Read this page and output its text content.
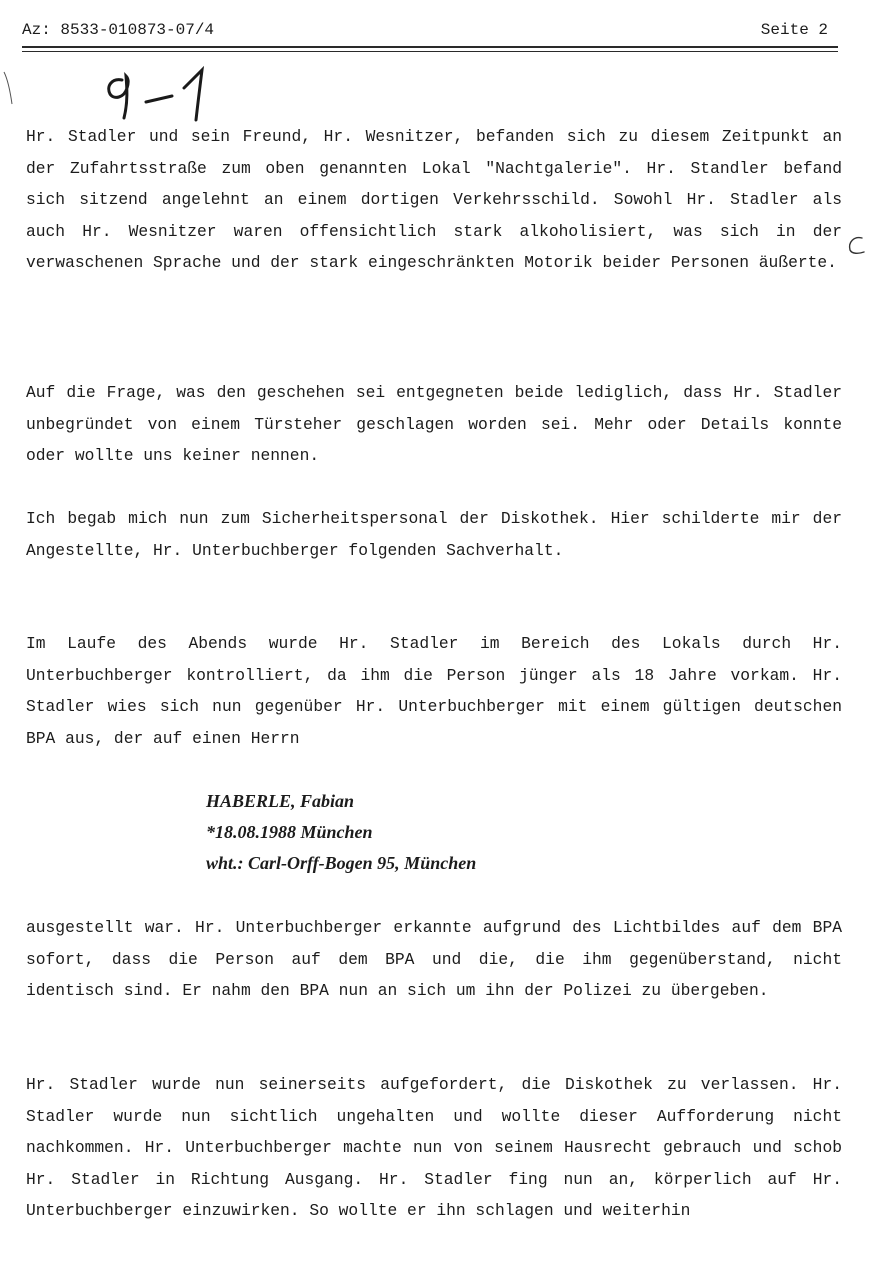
Az: 8533-010873-07/4	Seite 2

Hr. Stadler und sein Freund, Hr. Wesnitzer, befanden sich zu diesem Zeitpunkt an der Zufahrtsstraße zum oben genannten Lokal "Nachtgalerie". Hr. Standler befand sich sitzend angelehnt an einem dortigen Verkehrsschild. Sowohl Hr. Stadler als auch Hr. Wesnitzer waren offensichtlich stark alkoholisiert, was sich in der verwaschenen Sprache und der stark eingeschränkten Motorik beider Personen äußerte.

Auf die Frage, was den geschehen sei entgegneten beide lediglich, dass Hr. Stadler unbegründet von einem Türsteher geschlagen worden sei. Mehr oder Details konnte oder wollte uns keiner nennen.

Ich begab mich nun zum Sicherheitspersonal der Diskothek. Hier schilderte mir der Angestellte, Hr. Unterbuchberger folgenden Sachverhalt.

Im Laufe des Abends wurde Hr. Stadler im Bereich des Lokals durch Hr. Unterbuchberger kontrolliert, da ihm die Person jünger als 18 Jahre vorkam. Hr. Stadler wies sich nun gegenüber Hr. Unterbuchberger mit einem gültigen deutschen BPA aus, der auf einen Herrn

HABERLE, Fabian
*18.08.1988 München
wht.: Carl-Orff-Bogen 95, München

ausgestellt war. Hr. Unterbuchberger erkannte aufgrund des Lichtbildes auf dem BPA sofort, dass die Person auf dem BPA und die, die ihm gegenüberstand, nicht identisch sind. Er nahm den BPA nun an sich um ihn der Polizei zu übergeben.

Hr. Stadler wurde nun seinerseits aufgefordert, die Diskothek zu verlassen. Hr. Stadler wurde nun sichtlich ungehalten und wollte dieser Aufforderung nicht nachkommen. Hr. Unterbuchberger machte nun von seinem Hausrecht gebrauch und schob Hr. Stadler in Richtung Ausgang. Hr. Stadler fing nun an, körperlich auf Hr. Unterbuchberger einzuwirken. So wollte er ihn schlagen und weiterhin
